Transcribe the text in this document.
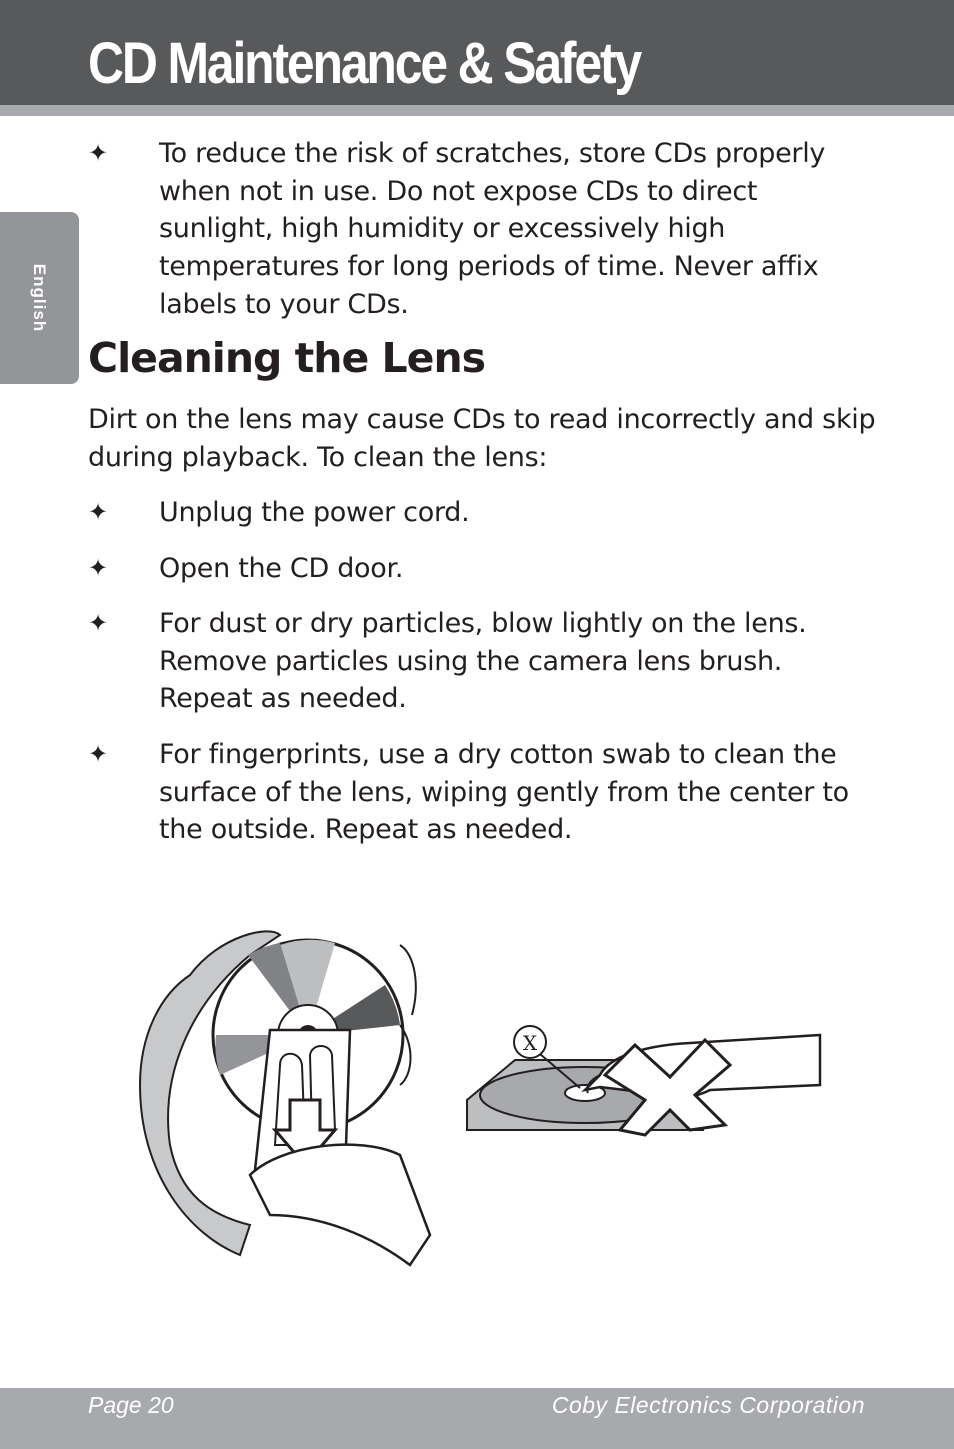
CD Maintenance & Safety
English
✦	To reduce the risk of scratches, store CDs properly when not in use. Do not expose CDs to direct sunlight, high humidity or excessively high temperatures for long periods of time. Never affix labels to your CDs.
Cleaning the Lens

Dirt on the lens may cause CDs to read incorrectly and skip during playback. To clean the lens:

✦	Unplug the power cord.
✦	Open the CD door.
✦	For dust or dry particles, blow lightly on the lens. Remove particles using the camera lens brush. Repeat as needed.
✦	For fingerprints, use a dry cotton swab to clean the surface of the lens, wiping gently from the center to the outside. Repeat as needed.
X
Page 20	Coby Electronics Corporation
